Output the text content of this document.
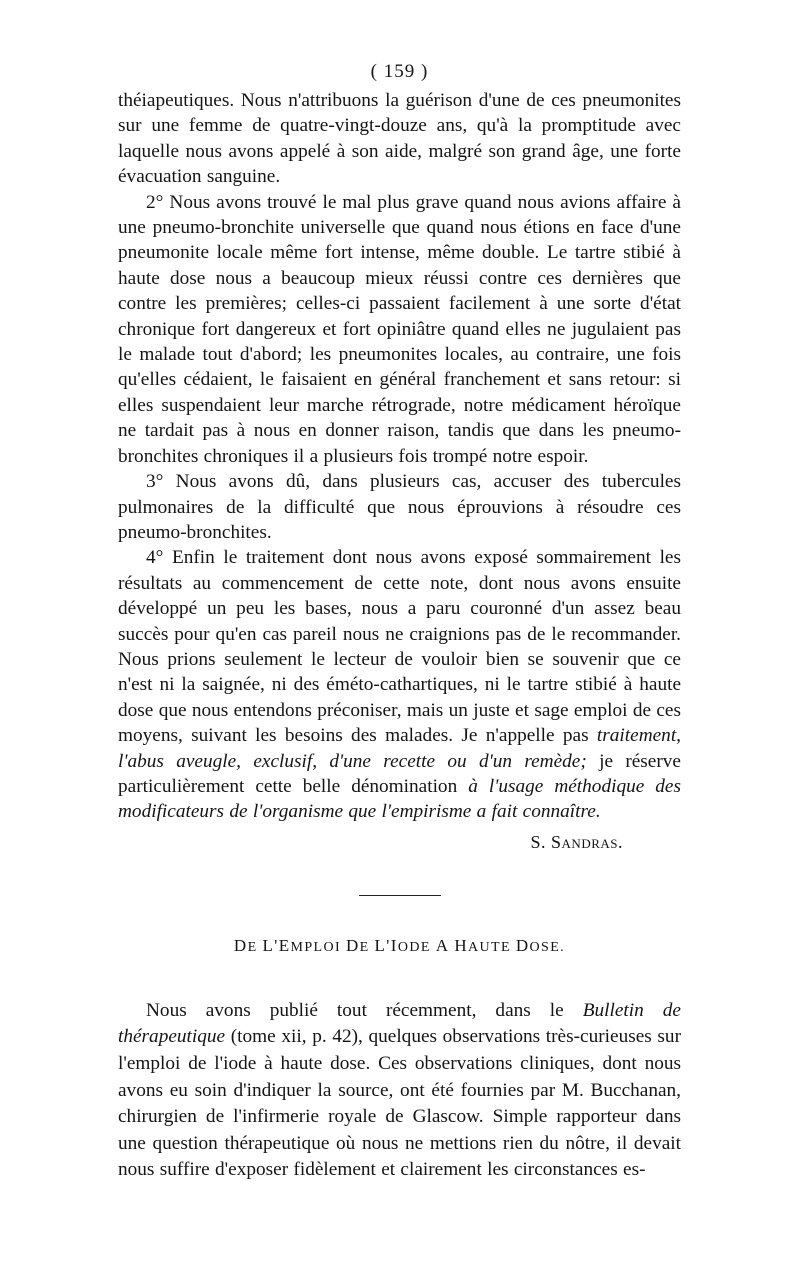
( 159 )

théiapeutiques. Nous n'attribuons la guérison d'une de ces pneumonites sur une femme de quatre-vingt-douze ans, qu'à la promptitude avec laquelle nous avons appelé à son aide, malgré son grand âge, une forte évacuation sanguine.

2° Nous avons trouvé le mal plus grave quand nous avions affaire à une pneumo-bronchite universelle que quand nous étions en face d'une pneumonite locale même fort intense, même double. Le tartre stibié à haute dose nous a beaucoup mieux réussi contre ces dernières que contre les premières; celles-ci passaient facilement à une sorte d'état chronique fort dangereux et fort opiniâtre quand elles ne jugulaient pas le malade tout d'abord; les pneumonites locales, au contraire, une fois qu'elles cédaient, le faisaient en général franchement et sans retour: si elles suspendaient leur marche rétrograde, notre médicament héroïque ne tardait pas à nous en donner raison, tandis que dans les pneumo-bronchites chroniques il a plusieurs fois trompé notre espoir.

3° Nous avons dû, dans plusieurs cas, accuser des tubercules pulmonaires de la difficulté que nous éprouvions à résoudre ces pneumo-bronchites.

4° Enfin le traitement dont nous avons exposé sommairement les résultats au commencement de cette note, dont nous avons ensuite développé un peu les bases, nous a paru couronné d'un assez beau succès pour qu'en cas pareil nous ne craignions pas de le recommander. Nous prions seulement le lecteur de vouloir bien se souvenir que ce n'est ni la saignée, ni des éméto-cathartiques, ni le tartre stibié à haute dose que nous entendons préconiser, mais un juste et sage emploi de ces moyens, suivant les besoins des malades. Je n'appelle pas traitement, l'abus aveugle, exclusif, d'une recette ou d'un remède; je réserve particulièrement cette belle dénomination à l'usage méthodique des modificateurs de l'organisme que l'empirisme a fait connaître.

S. Sandras.
DE L'EMPLOI DE L'IODE A HAUTE DOSE.

Nous avons publié tout récemment, dans le Bulletin de thérapeutique (tome xii, p. 42), quelques observations très-curieuses sur l'emploi de l'iode à haute dose. Ces observations cliniques, dont nous avons eu soin d'indiquer la source, ont été fournies par M. Bucchanan, chirurgien de l'infirmerie royale de Glascow. Simple rapporteur dans une question thérapeutique où nous ne mettions rien du nôtre, il devait nous suffire d'exposer fidèlement et clairement les circonstances es-
